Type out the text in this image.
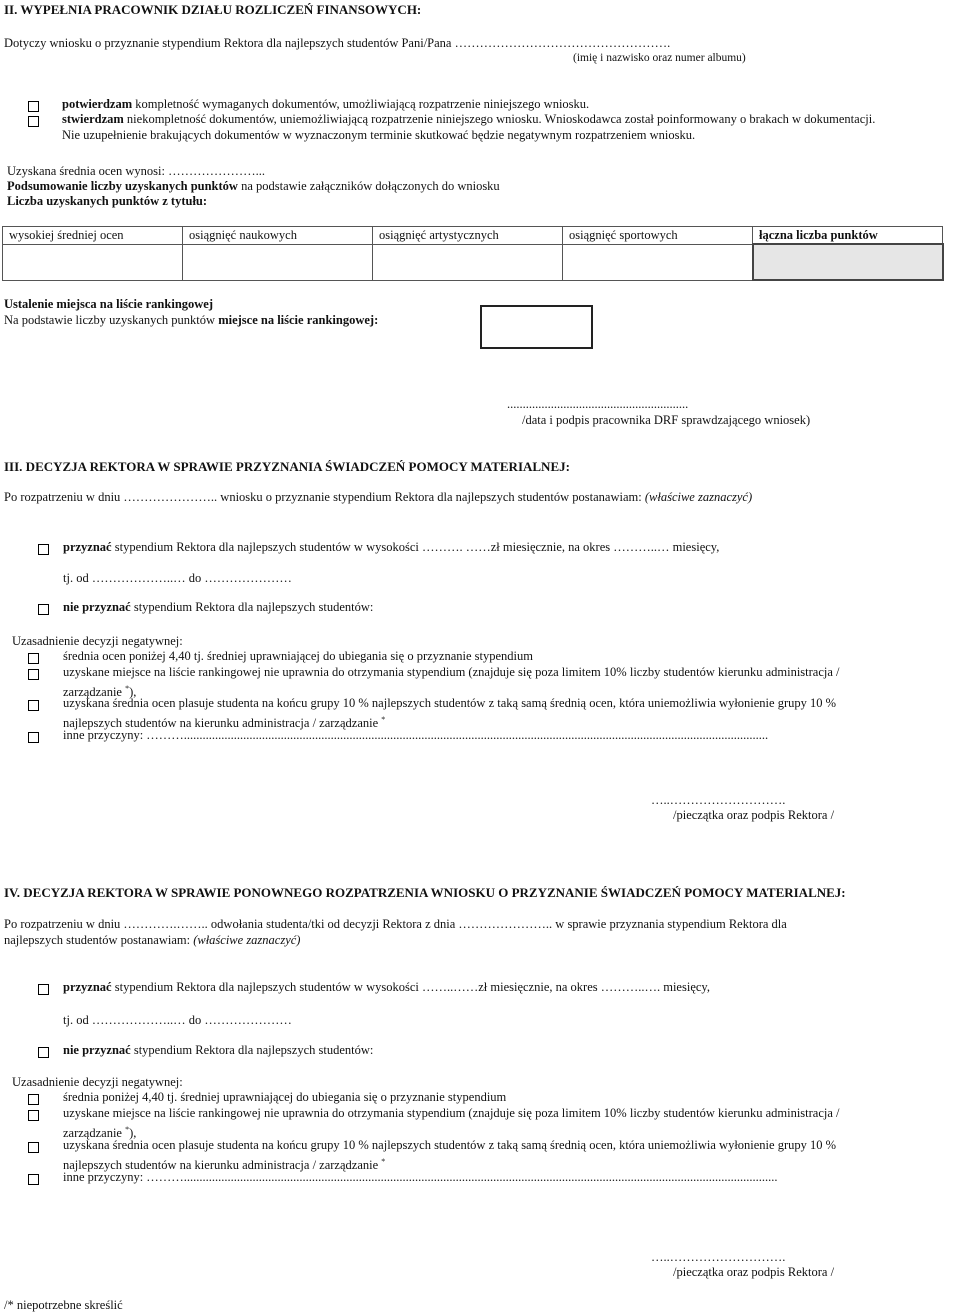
II. WYPEŁNIA PRACOWNIK DZIAŁU ROZLICZEŃ FINANSOWYCH:
Dotyczy wniosku o przyznanie stypendium Rektora dla najlepszych studentów Pani/Pana …………………………………………….
(imię i nazwisko oraz numer albumu)
potwierdzam kompletność wymaganych dokumentów, umożliwiającą rozpatrzenie niniejszego wniosku.
stwierdzam niekompletność dokumentów, uniemożliwiającą rozpatrzenie niniejszego wniosku. Wnioskodawca został poinformowany o brakach w dokumentacji.
Nie uzupełnienie brakujących dokumentów w wyznaczonym terminie skutkować będzie negatywnym rozpatrzeniem wniosku.
Uzyskana średnia ocen wynosi: …………………...
Podsumowanie liczby uzyskanych punktów na podstawie załączników dołączonych do wniosku
Liczba uzyskanych punktów z tytułu:
wysokiej średniej ocen	osiągnięć naukowych	osiągnięć artystycznych	osiągnięć sportowych	łączna liczba punktów

Ustalenie miejsca na liście rankingowej
Na podstawie liczby uzyskanych punktów miejsce na liście rankingowej:
..........................................................
/data i podpis pracownika DRF sprawdzającego wniosek)
III. DECYZJA REKTORA W SPRAWIE PRZYZNANIA ŚWIADCZEŃ POMOCY MATERIALNEJ:
Po rozpatrzeniu w dniu ………………….. wniosku o przyznanie stypendium Rektora dla najlepszych studentów postanawiam: (właściwe zaznaczyć)
przyznać stypendium Rektora dla najlepszych studentów w wysokości ………. ……zł miesięcznie, na okres ………..… miesięcy,
tj. od ………………..… do …………………
nie przyznać stypendium Rektora dla najlepszych studentów:
Uzasadnienie decyzji negatywnej:
średnia ocen poniżej 4,40 tj. średniej uprawniającej do ubiegania się o przyznanie stypendium
uzyskane miejsce na liście rankingowej nie uprawnia do otrzymania stypendium (znajduje się poza limitem 10% liczby studentów kierunku administracja /
zarządzanie *),
uzyskana średnia ocen plasuje studenta na końcu grupy 10 % najlepszych studentów z taką samą średnią ocen, która uniemożliwia wyłonienie grupy 10 %
najlepszych studentów na kierunku administracja / zarządzanie *
inne przyczyny: ………...........................................................................................................................................................................................
…..……………………….
/pieczątka oraz podpis Rektora /
IV. DECYZJA REKTORA W SPRAWIE PONOWNEGO ROZPATRZENIA WNIOSKU O PRZYZNANIE ŚWIADCZEŃ POMOCY MATERIALNEJ:
Po rozpatrzeniu w dniu ………….…….. odwołania studenta/tki od decyzji Rektora z dnia ………………….. w sprawie przyznania stypendium Rektora dla
najlepszych studentów postanawiam: (właściwe zaznaczyć)
przyznać stypendium Rektora dla najlepszych studentów w wysokości ……..……zł miesięcznie, na okres ………..…. miesięcy,
tj. od ………………..… do …………………
nie przyznać stypendium Rektora dla najlepszych studentów:
Uzasadnienie decyzji negatywnej:
średnia poniżej 4,40 tj. średniej uprawniającej do ubiegania się o przyznanie stypendium
uzyskane miejsce na liście rankingowej nie uprawnia do otrzymania stypendium (znajduje się poza limitem 10% liczby studentów kierunku administracja /
zarządzanie *),
uzyskana średnia ocen plasuje studenta na końcu grupy 10 % najlepszych studentów z taką samą średnią ocen, która uniemożliwia wyłonienie grupy 10 %
najlepszych studentów na kierunku administracja / zarządzanie *
inne przyczyny: ………..............................................................................................................................................................................................
…..……………………….
/pieczątka oraz podpis Rektora /
/* niepotrzebne skreślić
